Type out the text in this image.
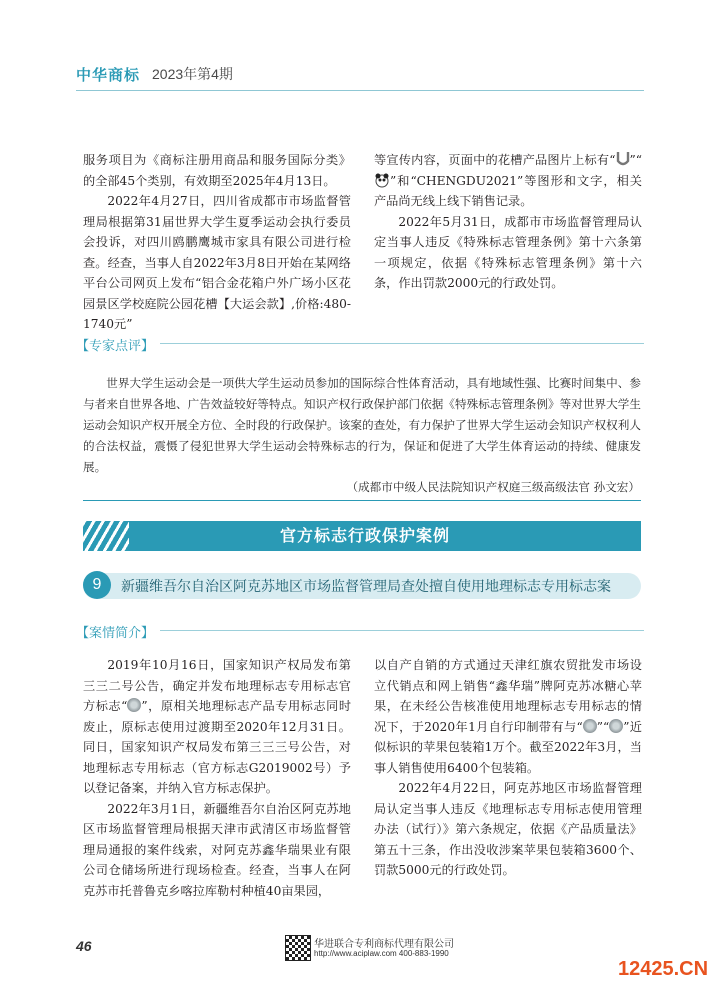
中华商标 2023年第4期

服务项目为《商标注册用商品和服务国际分类》的全部45个类别，有效期至2025年4月13日。

2022年4月27日，四川省成都市市场监督管理局根据第31届世界大学生夏季运动会执行委员会投诉，对四川鸥鹏鹰城市家具有限公司进行检查。经查，当事人自2022年3月8日开始在某网络平台公司网页上发布“铝合金花箱户外广场小区花园景区学校庭院公园花槽【大运会款】,价格:480-1740元”

等宣传内容，页面中的花槽产品图片上标有“ ”“”和“CHENGDU2021”等图形和文字，相关产品尚无线上线下销售记录。

2022年5月31日，成都市市场监督管理局认定当事人违反《特殊标志管理条例》第十六条第一项规定，依据《特殊标志管理条例》第十六条，作出罚款2000元的行政处罚。

【专家点评】

世界大学生运动会是一项供大学生运动员参加的国际综合性体育活动，具有地域性强、比赛时间集中、参与者来自世界各地、广告效益较好等特点。知识产权行政保护部门依据《特殊标志管理条例》等对世界大学生运动会知识产权开展全方位、全时段的行政保护。该案的查处，有力保护了世界大学生运动会知识产权权利人的合法权益，震慑了侵犯世界大学生运动会特殊标志的行为，保证和促进了大学生体育运动的持续、健康发展。

（成都市中级人民法院知识产权庭三级高级法官 孙文宏）
官方标志行政保护案例
9	新疆维吾尔自治区阿克苏地区市场监督管理局查处擅自使用地理标志专用标志案
【案情简介】

2019年10月16日，国家知识产权局发布第三三二号公告，确定并发布地理标志专用标志官方标志“ ”，原相关地理标志产品专用标志同时废止，原标志使用过渡期至2020年12月31日。同日，国家知识产权局发布第三三三号公告，对地理标志专用标志（官方标志G2019002号）予以登记备案，并纳入官方标志保护。

2022年3月1日，新疆维吾尔自治区阿克苏地区市场监督管理局根据天津市武清区市场监督管理局通报的案件线索，对阿克苏鑫华瑞果业有限公司仓储场所进行现场检查。经查，当事人在阿克苏市托普鲁克乡喀拉库勒村种植40亩果园，

以自产自销的方式通过天津红旗农贸批发市场设立代销点和网上销售“鑫华瑞”牌阿克苏冰糖心苹果，在未经公告核准使用地理标志专用标志的情况下，于2020年1月自行印制带有与“ ”“ ”近似标识的苹果包装箱1万个。截至2022年3月，当事人销售使用6400个包装箱。

2022年4月22日，阿克苏地区市场监督管理局认定当事人违反《地理标志专用标志使用管理办法（试行）》第六条规定，依据《产品质量法》第五十三条，作出没收涉案苹果包装箱3600个、罚款5000元的行政处罚。

46	华进联合专利商标代理有限公司
http://www.aciplaw.com 400-883-1990
12425.CN
